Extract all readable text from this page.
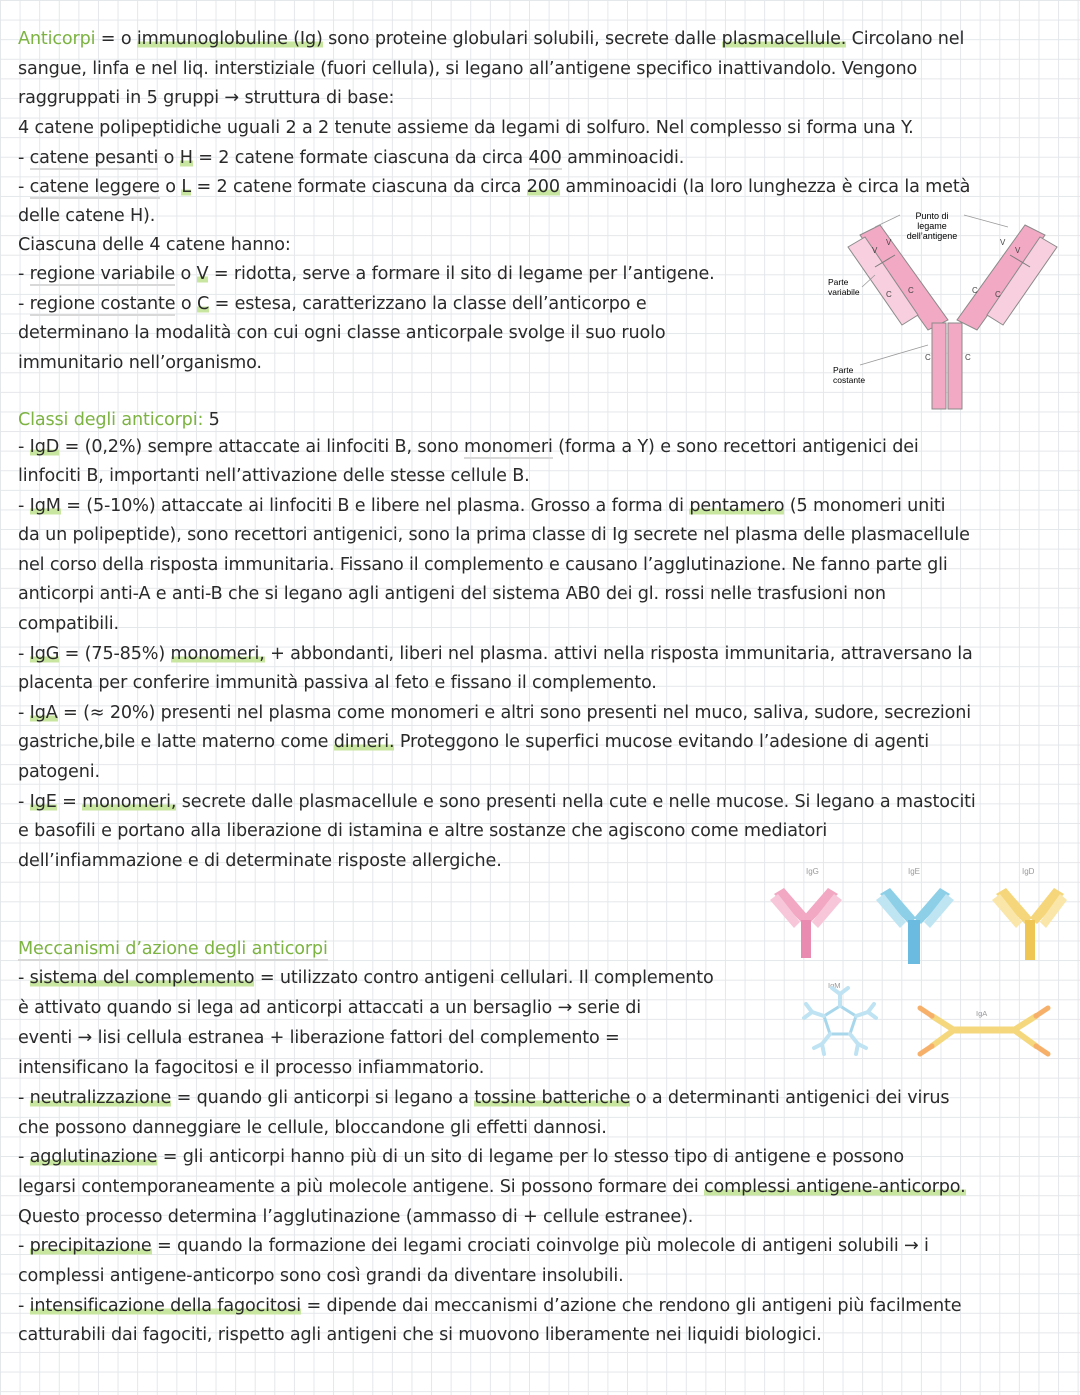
Anticorpi = o immunoglobuline (Ig) sono proteine globulari solubili, secrete dalle plasmacellule. Circolano nel
sangue, linfa e nel liq. interstiziale (fuori cellula), si legano all’antigene specifico inattivandolo. Vengono
raggruppati in 5 gruppi → struttura di base:
4 catene polipeptidiche uguali 2 a 2 tenute assieme da legami di solfuro. Nel complesso si forma una Y.
- catene pesanti o H = 2 catene formate ciascuna da circa 400 amminoacidi.
- catene leggere o L = 2 catene formate ciascuna da circa 200 amminoacidi (la loro lunghezza è circa la metà
delle catene H).
Ciascuna delle 4 catene hanno:
- regione variabile o V = ridotta, serve a formare il sito di legame per l’antigene.
- regione costante o C = estesa, caratterizzano la classe dell’anticorpo e
determinano la modalità con cui ogni classe anticorpale svolge il suo ruolo
immunitario nell’organismo.
V
V	V
V
C C	C C
C	C
Punto di
legame
dell’antigene
Parte
variabile
Parte
costante
Classi degli anticorpi: 5
- IgD = (0,2%) sempre attaccate ai linfociti B, sono monomeri (forma a Y) e sono recettori antigenici dei
linfociti B, importanti nell’attivazione delle stesse cellule B.
- IgM = (5-10%) attaccate ai linfociti B e libere nel plasma. Grosso a forma di pentamero (5 monomeri uniti
da un polipeptide), sono recettori antigenici, sono la prima classe di Ig secrete nel plasma delle plasmacellule
nel corso della risposta immunitaria. Fissano il complemento e causano l’agglutinazione. Ne fanno parte gli
anticorpi anti-A e anti-B che si legano agli antigeni del sistema AB0 dei gl. rossi nelle trasfusioni non
compatibili.
- IgG = (75-85%) monomeri, + abbondanti, liberi nel plasma. attivi nella risposta immunitaria, attraversano la
placenta per conferire immunità passiva al feto e fissano il complemento.
- IgA = (≈ 20%) presenti nel plasma come monomeri e altri sono presenti nel muco, saliva, sudore, secrezioni
gastriche,bile e latte materno come dimeri. Proteggono le superfici mucose evitando l’adesione di agenti
patogeni.
- IgE = monomeri, secrete dalle plasmacellule e sono presenti nella cute e nelle mucose. Si legano a mastociti
e basofili e portano alla liberazione di istamina e altre sostanze che agiscono come mediatori
dell’infiammazione e di determinate risposte allergiche.
IgG	IgE	IgD
IgM
IgA
Meccanismi d’azione degli anticorpi
- sistema del complemento = utilizzato contro antigeni cellulari. Il complemento
è attivato quando si lega ad anticorpi attaccati a un bersaglio → serie di
eventi → lisi cellula estranea + liberazione fattori del complemento =
intensificano la fagocitosi e il processo infiammatorio.
- neutralizzazione = quando gli anticorpi si legano a tossine batteriche o a determinanti antigenici dei virus
che possono danneggiare le cellule, bloccandone gli effetti dannosi.
- agglutinazione = gli anticorpi hanno più di un sito di legame per lo stesso tipo di antigene e possono
legarsi contemporaneamente a più molecole antigene. Si possono formare dei complessi antigene-anticorpo.
Questo processo determina l’agglutinazione (ammasso di + cellule estranee).
- precipitazione = quando la formazione dei legami crociati coinvolge più molecole di antigeni solubili → i
complessi antigene-anticorpo sono così grandi da diventare insolubili.
- intensificazione della fagocitosi = dipende dai meccanismi d’azione che rendono gli antigeni più facilmente
catturabili dai fagociti, rispetto agli antigeni che si muovono liberamente nei liquidi biologici.
